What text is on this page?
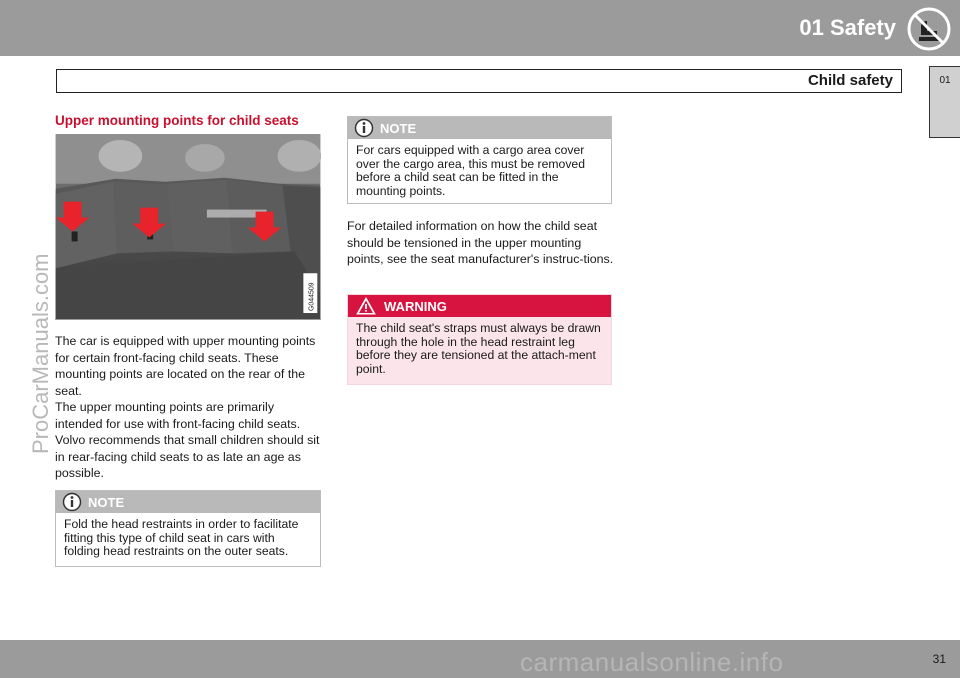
01 Safety
Child safety	01
ProCarManuals.com
Upper mounting points for child seats
G044509
The car is equipped with upper mounting points for certain front-facing child seats. These mounting points are located on the rear of the seat.
The upper mounting points are primarily intended for use with front-facing child seats. Volvo recommends that small children should sit in rear-facing child seats to as late an age as possible.
NOTE
Fold the head restraints in order to facilitate fitting this type of child seat in cars with folding head restraints on the outer seats.
NOTE
For cars equipped with a cargo area cover over the cargo area, this must be removed before a child seat can be fitted in the mounting points.
For detailed information on how the child seat should be tensioned in the upper mounting points, see the seat manufacturer's instruc-tions.
WARNING
The child seat's straps must always be drawn through the hole in the head restraint leg before they are tensioned at the attach-ment point.
31
carmanualsonline.info
